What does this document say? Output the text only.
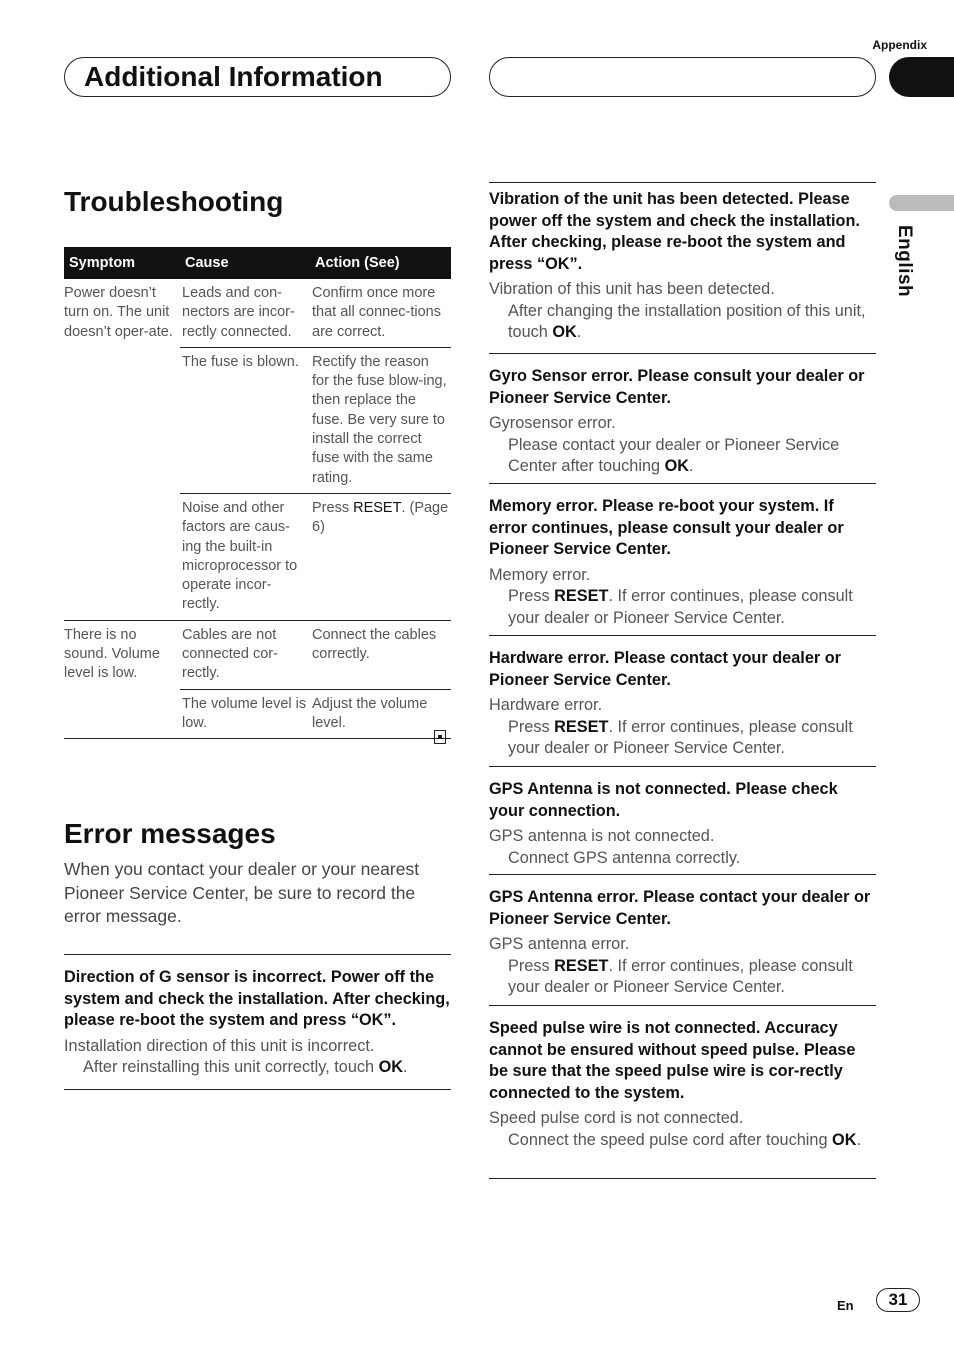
Appendix
Additional Information
English
Troubleshooting
Symptom	Cause	Action (See)
Power doesn’t turn on. The unit doesn’t oper-ate.	Leads and con-nectors are incor-rectly connected.	Confirm once more that all connec-tions are correct.
	The fuse is blown.	Rectify the reason for the fuse blow-ing, then replace the fuse. Be very sure to install the correct fuse with the same rating.
	Noise and other factors are caus-ing the built-in microprocessor to operate incor-rectly.	Press RESET. (Page 6)
There is no sound. Volume level is low.	Cables are not connected cor-rectly.	Connect the cables correctly.
	The volume level is low.	Adjust the volume level.
Error messages
When you contact your dealer or your nearest Pioneer Service Center, be sure to record the error message.
Direction of G sensor is incorrect. Power off the system and check the installation. After checking, please re-boot the system and press “OK”.
Installation direction of this unit is incorrect.
After reinstalling this unit correctly, touch OK.
Vibration of the unit has been detected. Please power off the system and check the installation. After checking, please re-boot the system and press “OK”.
Vibration of this unit has been detected.
After changing the installation position of this unit, touch OK.
Gyro Sensor error. Please consult your dealer or Pioneer Service Center.
Gyrosensor error.
Please contact your dealer or Pioneer Service Center after touching OK.
Memory error. Please re-boot your system. If error continues, please consult your dealer or Pioneer Service Center.
Memory error.
Press RESET. If error continues, please consult your dealer or Pioneer Service Center.
Hardware error. Please contact your dealer or Pioneer Service Center.
Hardware error.
Press RESET. If error continues, please consult your dealer or Pioneer Service Center.
GPS Antenna is not connected. Please check your connection.
GPS antenna is not connected.
Connect GPS antenna correctly.
GPS Antenna error. Please contact your dealer or Pioneer Service Center.
GPS antenna error.
Press RESET. If error continues, please consult your dealer or Pioneer Service Center.
Speed pulse wire is not connected. Accuracy cannot be ensured without speed pulse. Please be sure that the speed pulse wire is cor-rectly connected to the system.
Speed pulse cord is not connected.
Connect the speed pulse cord after touching OK.
En	31
